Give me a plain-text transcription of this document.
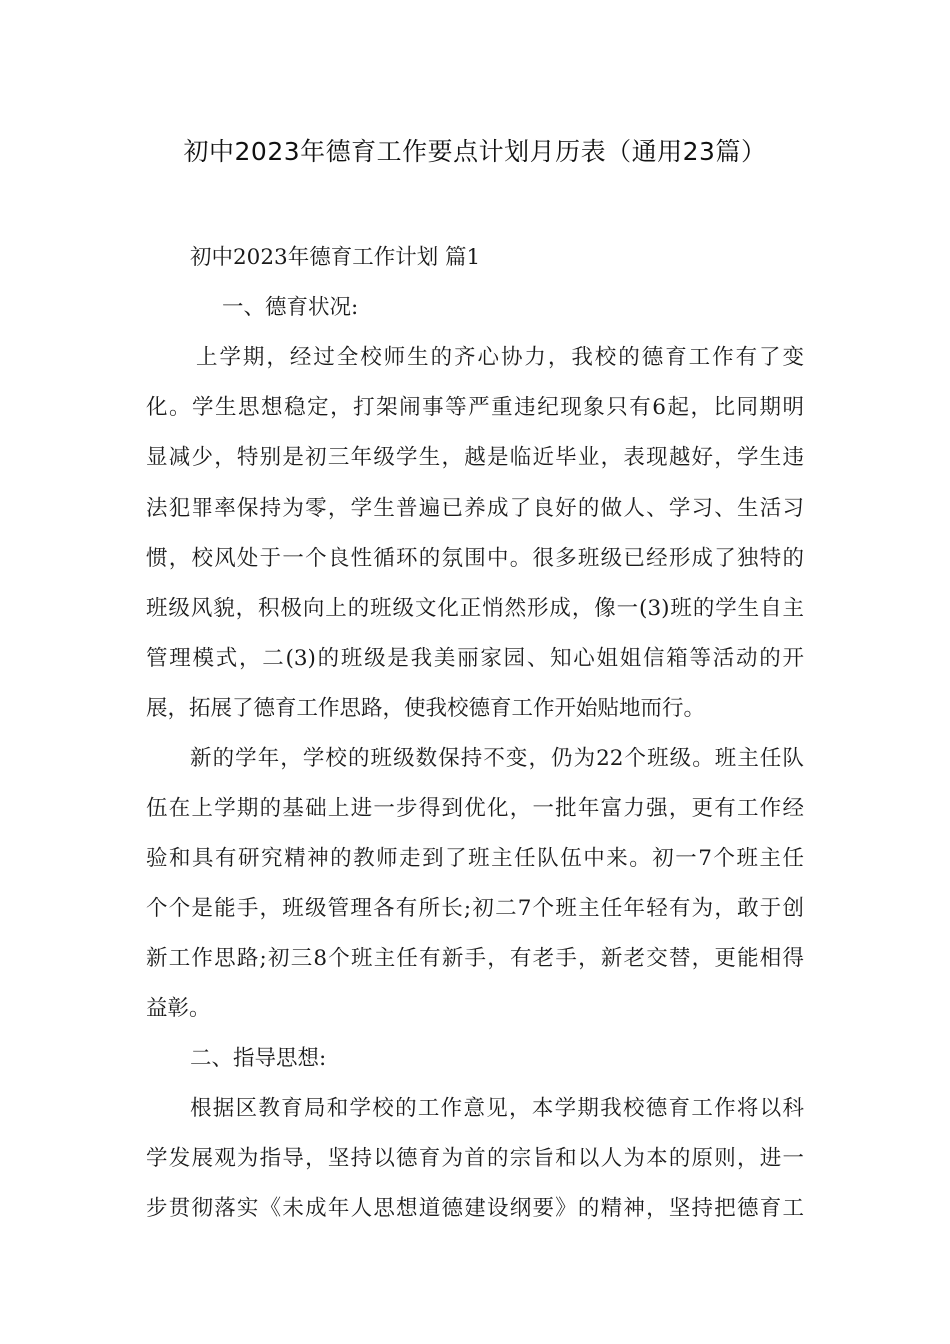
初中2023年德育工作要点计划月历表（通用23篇）
初中2023年德育工作计划 篇1
一、德育状况:
上学期，经过全校师生的齐心协力，我校的德育工作有了变
化。学生思想稳定，打架闹事等严重违纪现象只有6起，比同期明
显减少，特别是初三年级学生，越是临近毕业，表现越好，学生违
法犯罪率保持为零，学生普遍已养成了良好的做人、学习、生活习
惯，校风处于一个良性循环的氛围中。很多班级已经形成了独特的
班级风貌，积极向上的班级文化正悄然形成，像一(3)班的学生自主
管理模式，二(3)的班级是我美丽家园、知心姐姐信箱等活动的开
展，拓展了德育工作思路，使我校德育工作开始贴地而行。
新的学年，学校的班级数保持不变，仍为22个班级。班主任队
伍在上学期的基础上进一步得到优化，一批年富力强，更有工作经
验和具有研究精神的教师走到了班主任队伍中来。初一7个班主任
个个是能手，班级管理各有所长;初二7个班主任年轻有为，敢于创
新工作思路;初三8个班主任有新手，有老手，新老交替，更能相得
益彰。
二、指导思想:
根据区教育局和学校的工作意见，本学期我校德育工作将以科
学发展观为指导，坚持以德育为首的宗旨和以人为本的原则，进一
步贯彻落实《未成年人思想道德建设纲要》的精神，坚持把德育工
